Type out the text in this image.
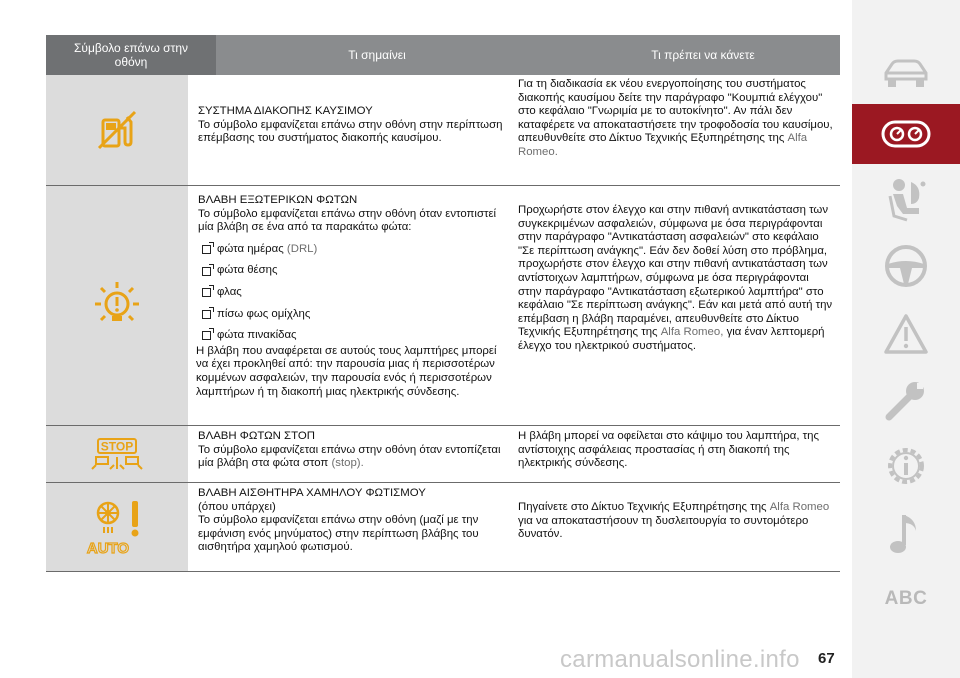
Σύμβολο επάνω στην οθόνη	Τι σημαίνει	Τι πρέπει να κάνετε
ΣΥΣΤΗΜΑ ΔΙΑΚΟΠΗΣ ΚΑΥΣΙΜΟΥ
Το σύμβολο εμφανίζεται επάνω στην οθόνη στην περίπτωση επέμβασης του συστήματος διακοπής καυσίμου.
Για τη διαδικασία εκ νέου ενεργοποίησης του συστήματος διακοπής καυσίμου δείτε την παράγραφο "Κουμπιά ελέγχου" στο κεφάλαιο "Γνωριμία με το αυτοκίνητο". Αν πάλι δεν καταφέρετε να αποκαταστήσετε την τροφοδοσία του καυσίμου, απευθυνθείτε στο Δίκτυο Τεχνικής Εξυπηρέτησης της Alfa Romeo.
ΒΛΑΒΗ ΕΞΩΤΕΡΙΚΩΝ ΦΩΤΩΝ
Το σύμβολο εμφανίζεται επάνω στην οθόνη όταν εντοπιστεί μία βλάβη σε ένα από τα παρακάτω φώτα:
φώτα ημέρας
(DRL)
φώτα θέσης
φλας
πίσω φως ομίχλης
φώτα πινακίδας
Η βλάβη που αναφέρεται σε αυτούς τους λαμπτήρες μπορεί να έχει προκληθεί από: την παρουσία μιας ή περισσοτέρων κομμένων ασφαλειών, την παρουσία ενός ή περισσοτέρων λαμπτήρων ή τη διακοπή μιας ηλεκτρικής σύνδεσης.
Προχωρήστε στον έλεγχο και στην πιθανή αντικατάσταση των συγκεκριμένων ασφαλειών, σύμφωνα με όσα περιγράφονται στην παράγραφο "Αντικατάσταση ασφαλειών" στο κεφάλαιο "Σε περίπτωση ανάγκης". Εάν δεν δοθεί λύση στο πρόβλημα, προχωρήστε στον έλεγχο και στην πιθανή αντικατάσταση των αντίστοιχων λαμπτήρων, σύμφωνα με όσα περιγράφονται στην παράγραφο "Αντικατάσταση εξωτερικού λαμπτήρα" στο κεφάλαιο "Σε περίπτωση ανάγκης". Εάν και μετά από αυτή την επέμβαση η βλάβη παραμένει, απευθυνθείτε στο Δίκτυο Τεχνικής Εξυπηρέτησης της Alfa Romeo, για έναν λεπτομερή έλεγχο του ηλεκτρικού συστήματος.
STOP
ΒΛΑΒΗ ΦΩΤΩΝ ΣΤΟΠ
Το σύμβολο εμφανίζεται επάνω στην οθόνη όταν εντοπίζεται μία βλάβη στα φώτα στοπ (stop).
Η βλάβη μπορεί να οφείλεται στο κάψιμο του λαμπτήρα, της αντίστοιχης ασφάλειας προστασίας ή στη διακοπή της ηλεκτρικής σύνδεσης.
AUTO
ΒΛΑΒΗ ΑΙΣΘΗΤΗΡΑ ΧΑΜΗΛΟΥ ΦΩΤΙΣΜΟΥ
(όπου υπάρχει)
Το σύμβολο εμφανίζεται επάνω στην οθόνη (μαζί με την εμφάνιση ενός μηνύματος) στην περίπτωση βλάβης του αισθητήρα χαμηλού φωτισμού.
Πηγαίνετε στο Δίκτυο Τεχνικής Εξυπηρέτησης της Alfa Romeo για να αποκαταστήσουν τη δυσλειτουργία το συντομότερο δυνατόν.
ABC
carmanualsonline.info 67
